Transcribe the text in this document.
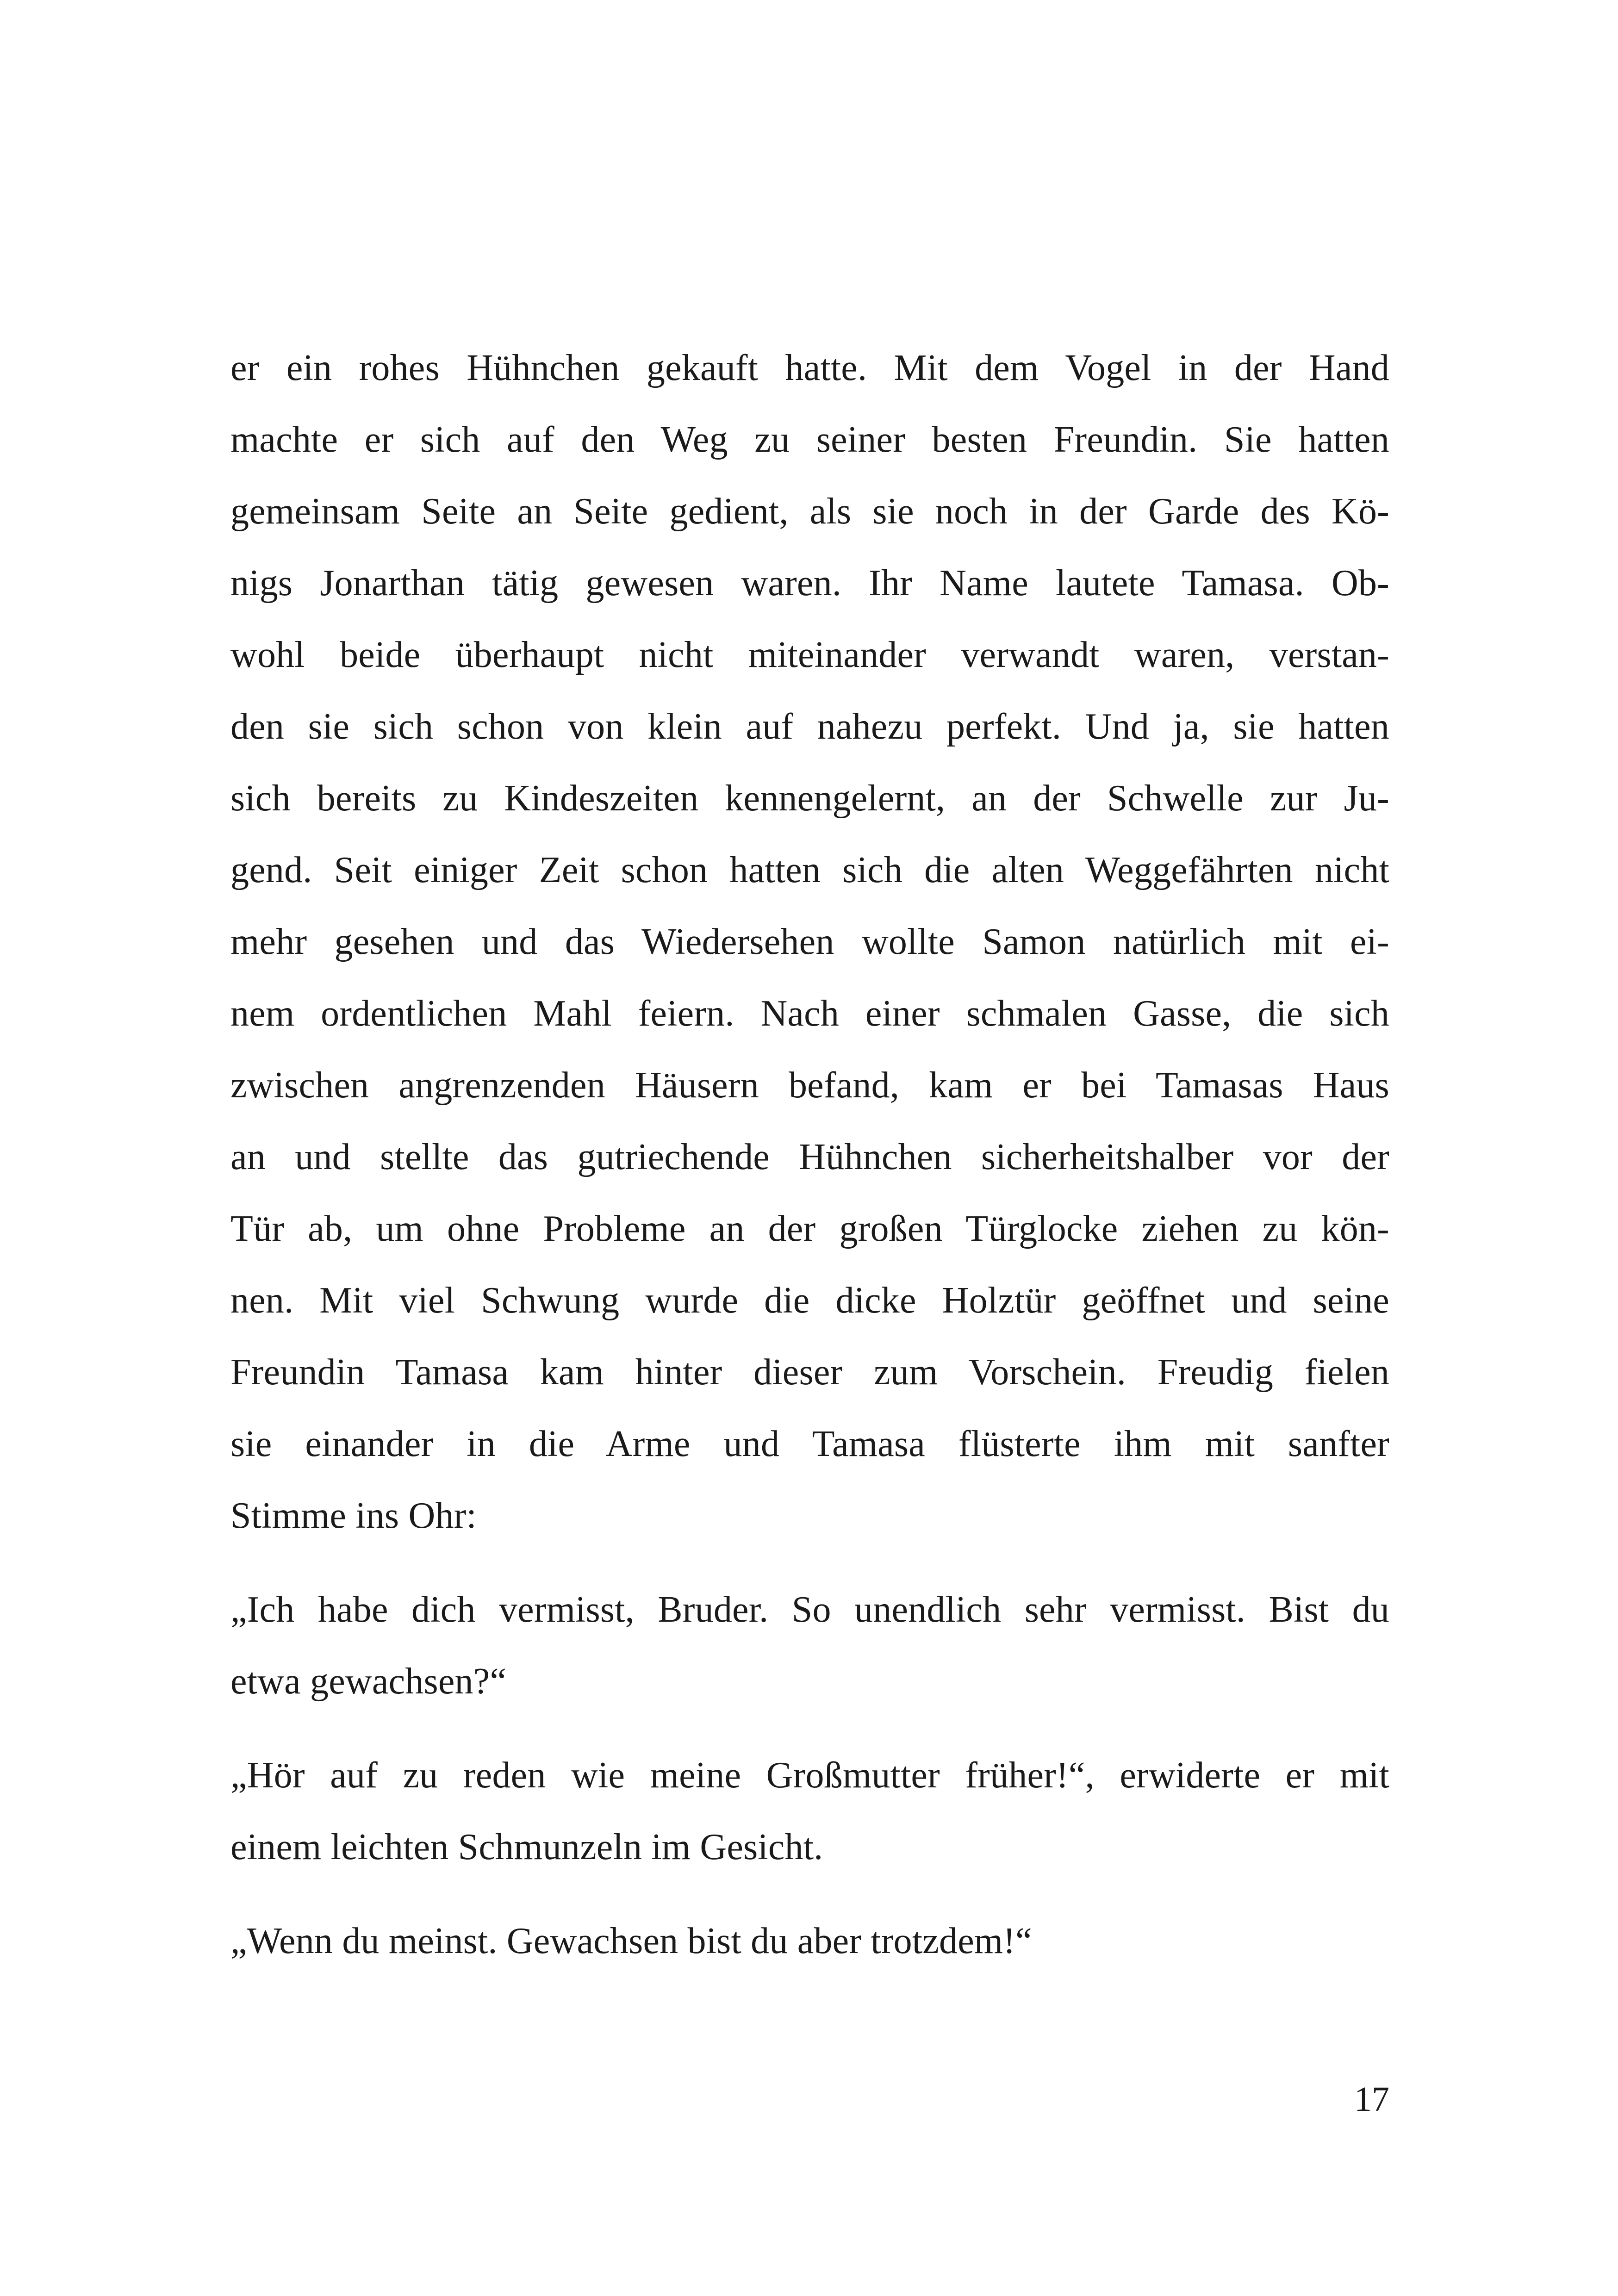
er ein rohes Hühnchen gekauft hatte. Mit dem Vogel in der Hand
machte er sich auf den Weg zu seiner besten Freundin. Sie hatten
gemeinsam Seite an Seite gedient, als sie noch in der Garde des Kö-
nigs Jonarthan tätig gewesen waren. Ihr Name lautete Tamasa. Ob-
wohl beide überhaupt nicht miteinander verwandt waren, verstan-
den sie sich schon von klein auf nahezu perfekt. Und ja, sie hatten
sich bereits zu Kindeszeiten kennengelernt, an der Schwelle zur Ju-
gend. Seit einiger Zeit schon hatten sich die alten Weggefährten nicht
mehr gesehen und das Wiedersehen wollte Samon natürlich mit ei-
nem ordentlichen Mahl feiern. Nach einer schmalen Gasse, die sich
zwischen angrenzenden Häusern befand, kam er bei Tamasas Haus
an und stellte das gutriechende Hühnchen sicherheitshalber vor der
Tür ab, um ohne Probleme an der großen Türglocke ziehen zu kön-
nen. Mit viel Schwung wurde die dicke Holztür geöffnet und seine
Freundin Tamasa kam hinter dieser zum Vorschein. Freudig fielen
sie einander in die Arme und Tamasa flüsterte ihm mit sanfter
Stimme ins Ohr:
„Ich habe dich vermisst, Bruder. So unendlich sehr vermisst. Bist du
etwa gewachsen?“
„Hör auf zu reden wie meine Großmutter früher!“, erwiderte er mit
einem leichten Schmunzeln im Gesicht.
„Wenn du meinst. Gewachsen bist du aber trotzdem!“
17
